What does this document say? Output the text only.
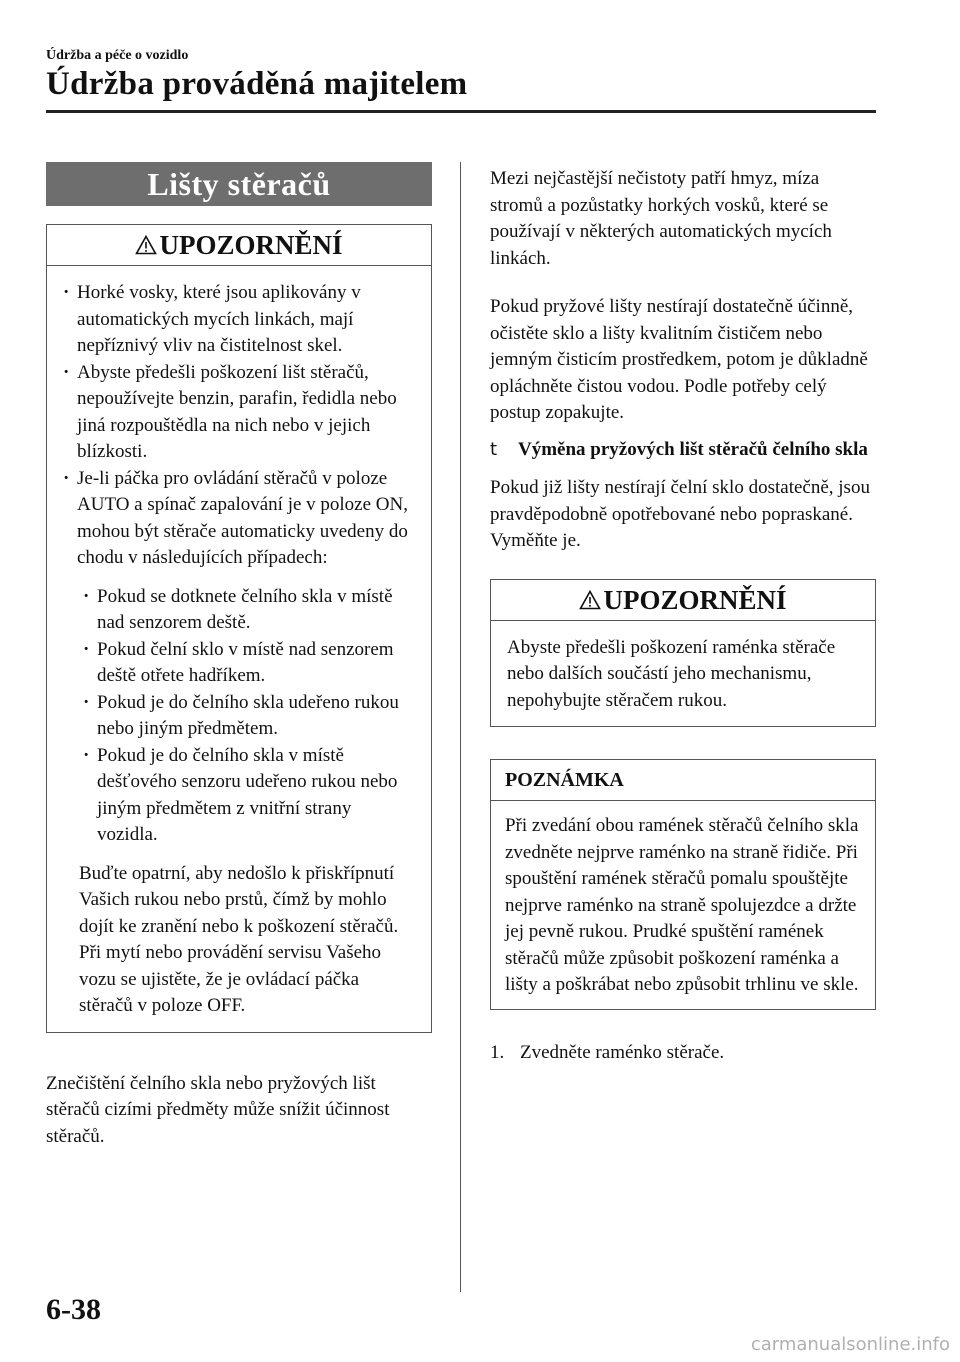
Údržba a péče o vozidlo
Údržba prováděná majitelem
Lišty stěračů
UPOZORNĚNÍ
· Horké vosky, které jsou aplikovány v automatických mycích linkách, mají nepříznivý vliv na čistitelnost skel.
· Abyste předešli poškození lišt stěračů, nepoužívejte benzin, parafin, ředidla nebo jiná rozpouštědla na nich nebo v jejich blízkosti.
· Je-li páčka pro ovládání stěračů v poloze AUTO a spínač zapalování je v poloze ON, mohou být stěrače automaticky uvedeny do chodu v následujících případech:
· Pokud se dotknete čelního skla v místě nad senzorem deště.
· Pokud čelní sklo v místě nad senzorem deště otřete hadříkem.
· Pokud je do čelního skla udeřeno rukou nebo jiným předmětem.
· Pokud je do čelního skla v místě dešťového senzoru udeřeno rukou nebo jiným předmětem z vnitřní strany vozidla.
Buďte opatrní, aby nedošlo k přiskřípnutí Vašich rukou nebo prstů, čímž by mohlo dojít ke zranění nebo k poškození stěračů. Při mytí nebo provádění servisu Vašeho vozu se ujistěte, že je ovládací páčka stěračů v poloze OFF.

Znečištění čelního skla nebo pryžových lišt stěračů cizími předměty může snížit účinnost stěračů.

Mezi nejčastější nečistoty patří hmyz, míza stromů a pozůstatky horkých vosků, které se používají v některých automatických mycích linkách.

Pokud pryžové lišty nestírají dostatečně účinně, očistěte sklo a lišty kvalitním čističem nebo jemným čisticím prostředkem, potom je důkladně opláchněte čistou vodou. Podle potřeby celý postup zopakujte.

t	Výměna pryžových lišt stěračů čelního skla

Pokud již lišty nestírají čelní sklo dostatečně, jsou pravděpodobně opotřebované nebo popraskané. Vyměňte je.

UPOZORNĚNÍ
Abyste předešli poškození raménka stěrače nebo dalších součástí jeho mechanismu, nepohybujte stěračem rukou.
POZNÁMKA
Při zvedání obou ramének stěračů čelního skla zvedněte nejprve raménko na straně řidiče. Při spouštění ramének stěračů pomalu spouštějte nejprve raménko na straně spolujezdce a držte jej pevně rukou. Prudké spuštění ramének stěračů může způsobit poškození raménka a lišty a poškrábat nebo způsobit trhlinu ve skle.
1. Zvedněte raménko stěrače.
6-38
carmanualsonline.info
